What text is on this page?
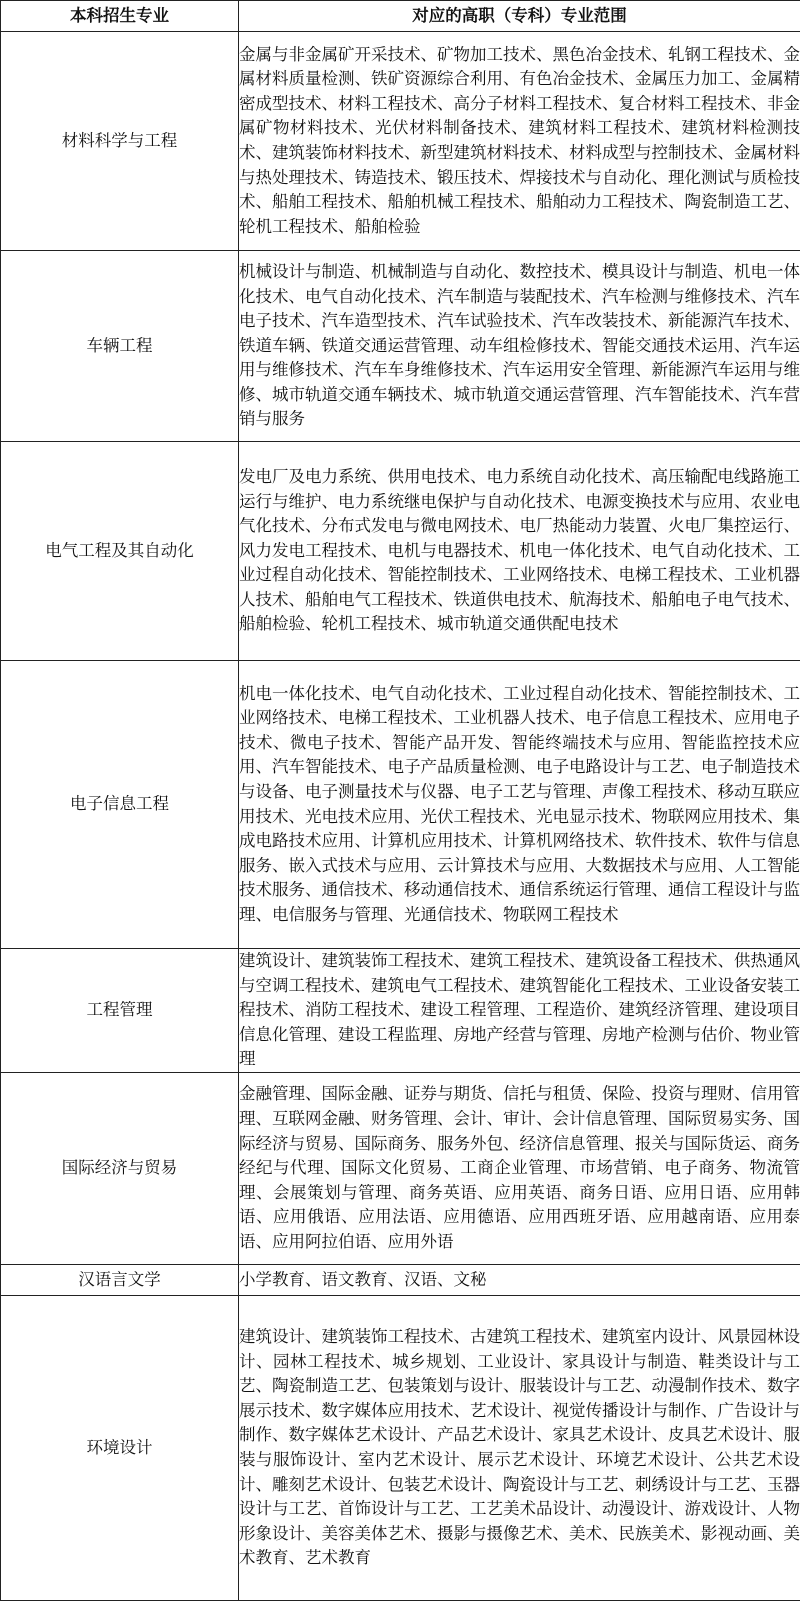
本科招生专业	对应的高职（专科）专业范围
材料科学与工程	金属与非金属矿开采技术、矿物加工技术、黑色冶金技术、轧钢工程技术、金属材料质量检测、铁矿资源综合利用、有色冶金技术、金属压力加工、金属精密成型技术、材料工程技术、高分子材料工程技术、复合材料工程技术、非金属矿物材料技术、光伏材料制备技术、建筑材料工程技术、建筑材料检测技术、建筑装饰材料技术、新型建筑材料技术、材料成型与控制技术、金属材料与热处理技术、铸造技术、锻压技术、焊接技术与自动化、理化测试与质检技术、船舶工程技术、船舶机械工程技术、船舶动力工程技术、陶瓷制造工艺、轮机工程技术、船舶检验
车辆工程	机械设计与制造、机械制造与自动化、数控技术、模具设计与制造、机电一体化技术、电气自动化技术、汽车制造与装配技术、汽车检测与维修技术、汽车电子技术、汽车造型技术、汽车试验技术、汽车改装技术、新能源汽车技术、铁道车辆、铁道交通运营管理、动车组检修技术、智能交通技术运用、汽车运用与维修技术、汽车车身维修技术、汽车运用安全管理、新能源汽车运用与维修、城市轨道交通车辆技术、城市轨道交通运营管理、汽车智能技术、汽车营销与服务
电气工程及其自动化	发电厂及电力系统、供用电技术、电力系统自动化技术、高压输配电线路施工运行与维护、电力系统继电保护与自动化技术、电源变换技术与应用、农业电气化技术、分布式发电与微电网技术、电厂热能动力装置、火电厂集控运行、风力发电工程技术、电机与电器技术、机电一体化技术、电气自动化技术、工业过程自动化技术、智能控制技术、工业网络技术、电梯工程技术、工业机器人技术、船舶电气工程技术、铁道供电技术、航海技术、船舶电子电气技术、船舶检验、轮机工程技术、城市轨道交通供配电技术
电子信息工程	机电一体化技术、电气自动化技术、工业过程自动化技术、智能控制技术、工业网络技术、电梯工程技术、工业机器人技术、电子信息工程技术、应用电子技术、微电子技术、智能产品开发、智能终端技术与应用、智能监控技术应用、汽车智能技术、电子产品质量检测、电子电路设计与工艺、电子制造技术与设备、电子测量技术与仪器、电子工艺与管理、声像工程技术、移动互联应用技术、光电技术应用、光伏工程技术、光电显示技术、物联网应用技术、集成电路技术应用、计算机应用技术、计算机网络技术、软件技术、软件与信息服务、嵌入式技术与应用、云计算技术与应用、大数据技术与应用、人工智能技术服务、通信技术、移动通信技术、通信系统运行管理、通信工程设计与监理、电信服务与管理、光通信技术、物联网工程技术
工程管理	建筑设计、建筑装饰工程技术、建筑工程技术、建筑设备工程技术、供热通风与空调工程技术、建筑电气工程技术、建筑智能化工程技术、工业设备安装工程技术、消防工程技术、建设工程管理、工程造价、建筑经济管理、建设项目信息化管理、建设工程监理、房地产经营与管理、房地产检测与估价、物业管理
国际经济与贸易	金融管理、国际金融、证券与期货、信托与租赁、保险、投资与理财、信用管理、互联网金融、财务管理、会计、审计、会计信息管理、国际贸易实务、国际经济与贸易、国际商务、服务外包、经济信息管理、报关与国际货运、商务经纪与代理、国际文化贸易、工商企业管理、市场营销、电子商务、物流管理、会展策划与管理、商务英语、应用英语、商务日语、应用日语、应用韩语、应用俄语、应用法语、应用德语、应用西班牙语、应用越南语、应用泰语、应用阿拉伯语、应用外语
汉语言文学	小学教育、语文教育、汉语、文秘
环境设计	建筑设计、建筑装饰工程技术、古建筑工程技术、建筑室内设计、风景园林设计、园林工程技术、城乡规划、工业设计、家具设计与制造、鞋类设计与工艺、陶瓷制造工艺、包装策划与设计、服装设计与工艺、动漫制作技术、数字展示技术、数字媒体应用技术、艺术设计、视觉传播设计与制作、广告设计与制作、数字媒体艺术设计、产品艺术设计、家具艺术设计、皮具艺术设计、服装与服饰设计、室内艺术设计、展示艺术设计、环境艺术设计、公共艺术设计、雕刻艺术设计、包装艺术设计、陶瓷设计与工艺、刺绣设计与工艺、玉器设计与工艺、首饰设计与工艺、工艺美术品设计、动漫设计、游戏设计、人物形象设计、美容美体艺术、摄影与摄像艺术、美术、民族美术、影视动画、美术教育、艺术教育
